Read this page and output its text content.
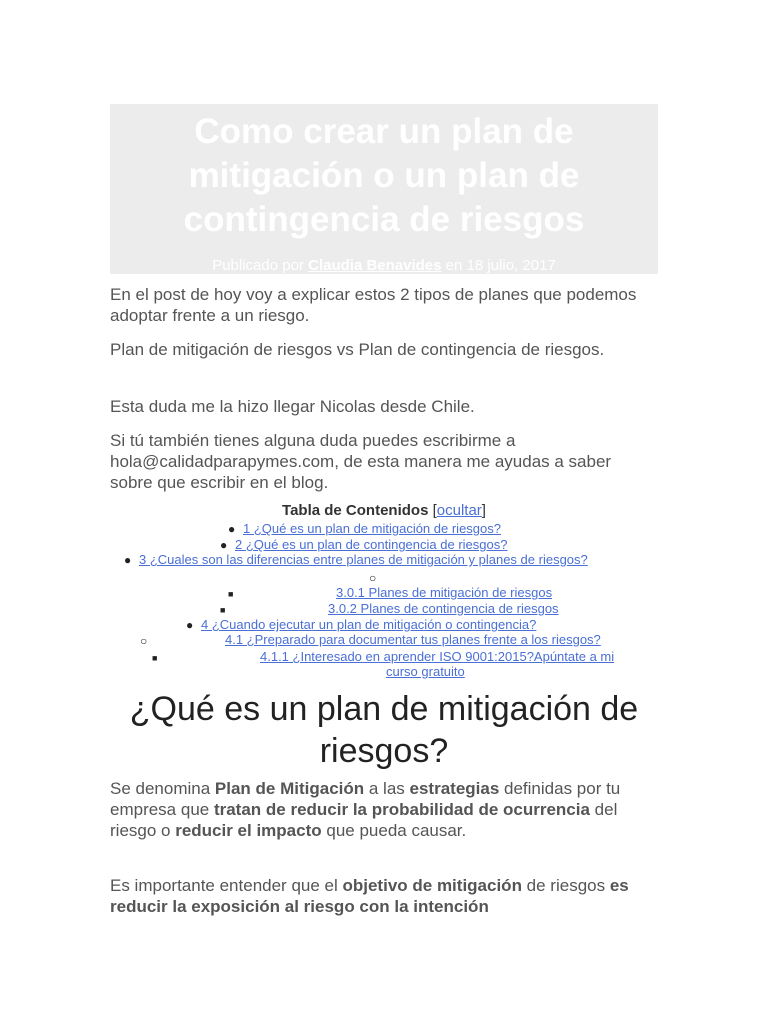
Como crear un plan de mitigación o un plan de contingencia de riesgos
Publicado por Claudia Benavides en 18 julio, 2017

En el post de hoy voy a explicar estos 2 tipos de planes que podemos adoptar frente a un riesgo.

Plan de mitigación de riesgos vs Plan de contingencia de riesgos.

Esta duda me la hizo llegar Nicolas desde Chile.

Si tú también tienes alguna duda puedes escribirme a hola@calidadparapymes.com, de esta manera me ayudas a saber sobre que escribir en el blog.

Tabla de Contenidos [ocultar]
● 1 ¿Qué es un plan de mitigación de riesgos?
● 2 ¿Qué es un plan de contingencia de riesgos?
● 3 ¿Cuales son las diferencias entre planes de mitigación y planes de riesgos?
○
■	3.0.1 Planes de mitigación de riesgos
■	3.0.2 Planes de contingencia de riesgos
● 4 ¿Cuando ejecutar un plan de mitigación o contingencia?
○	4.1 ¿Preparado para documentar tus planes frente a los riesgos?
■	4.1.1 ¿Interesado en aprender ISO 9001:2015?Apúntate a mi
curso gratuito
¿Qué es un plan de mitigación de riesgos?

Se denomina Plan de Mitigación a las estrategias definidas por tu empresa que tratan de reducir la probabilidad de ocurrencia del riesgo o reducir el impacto que pueda causar.

Es importante entender que el objetivo de mitigación de riesgos es reducir la exposición al riesgo con la intención
